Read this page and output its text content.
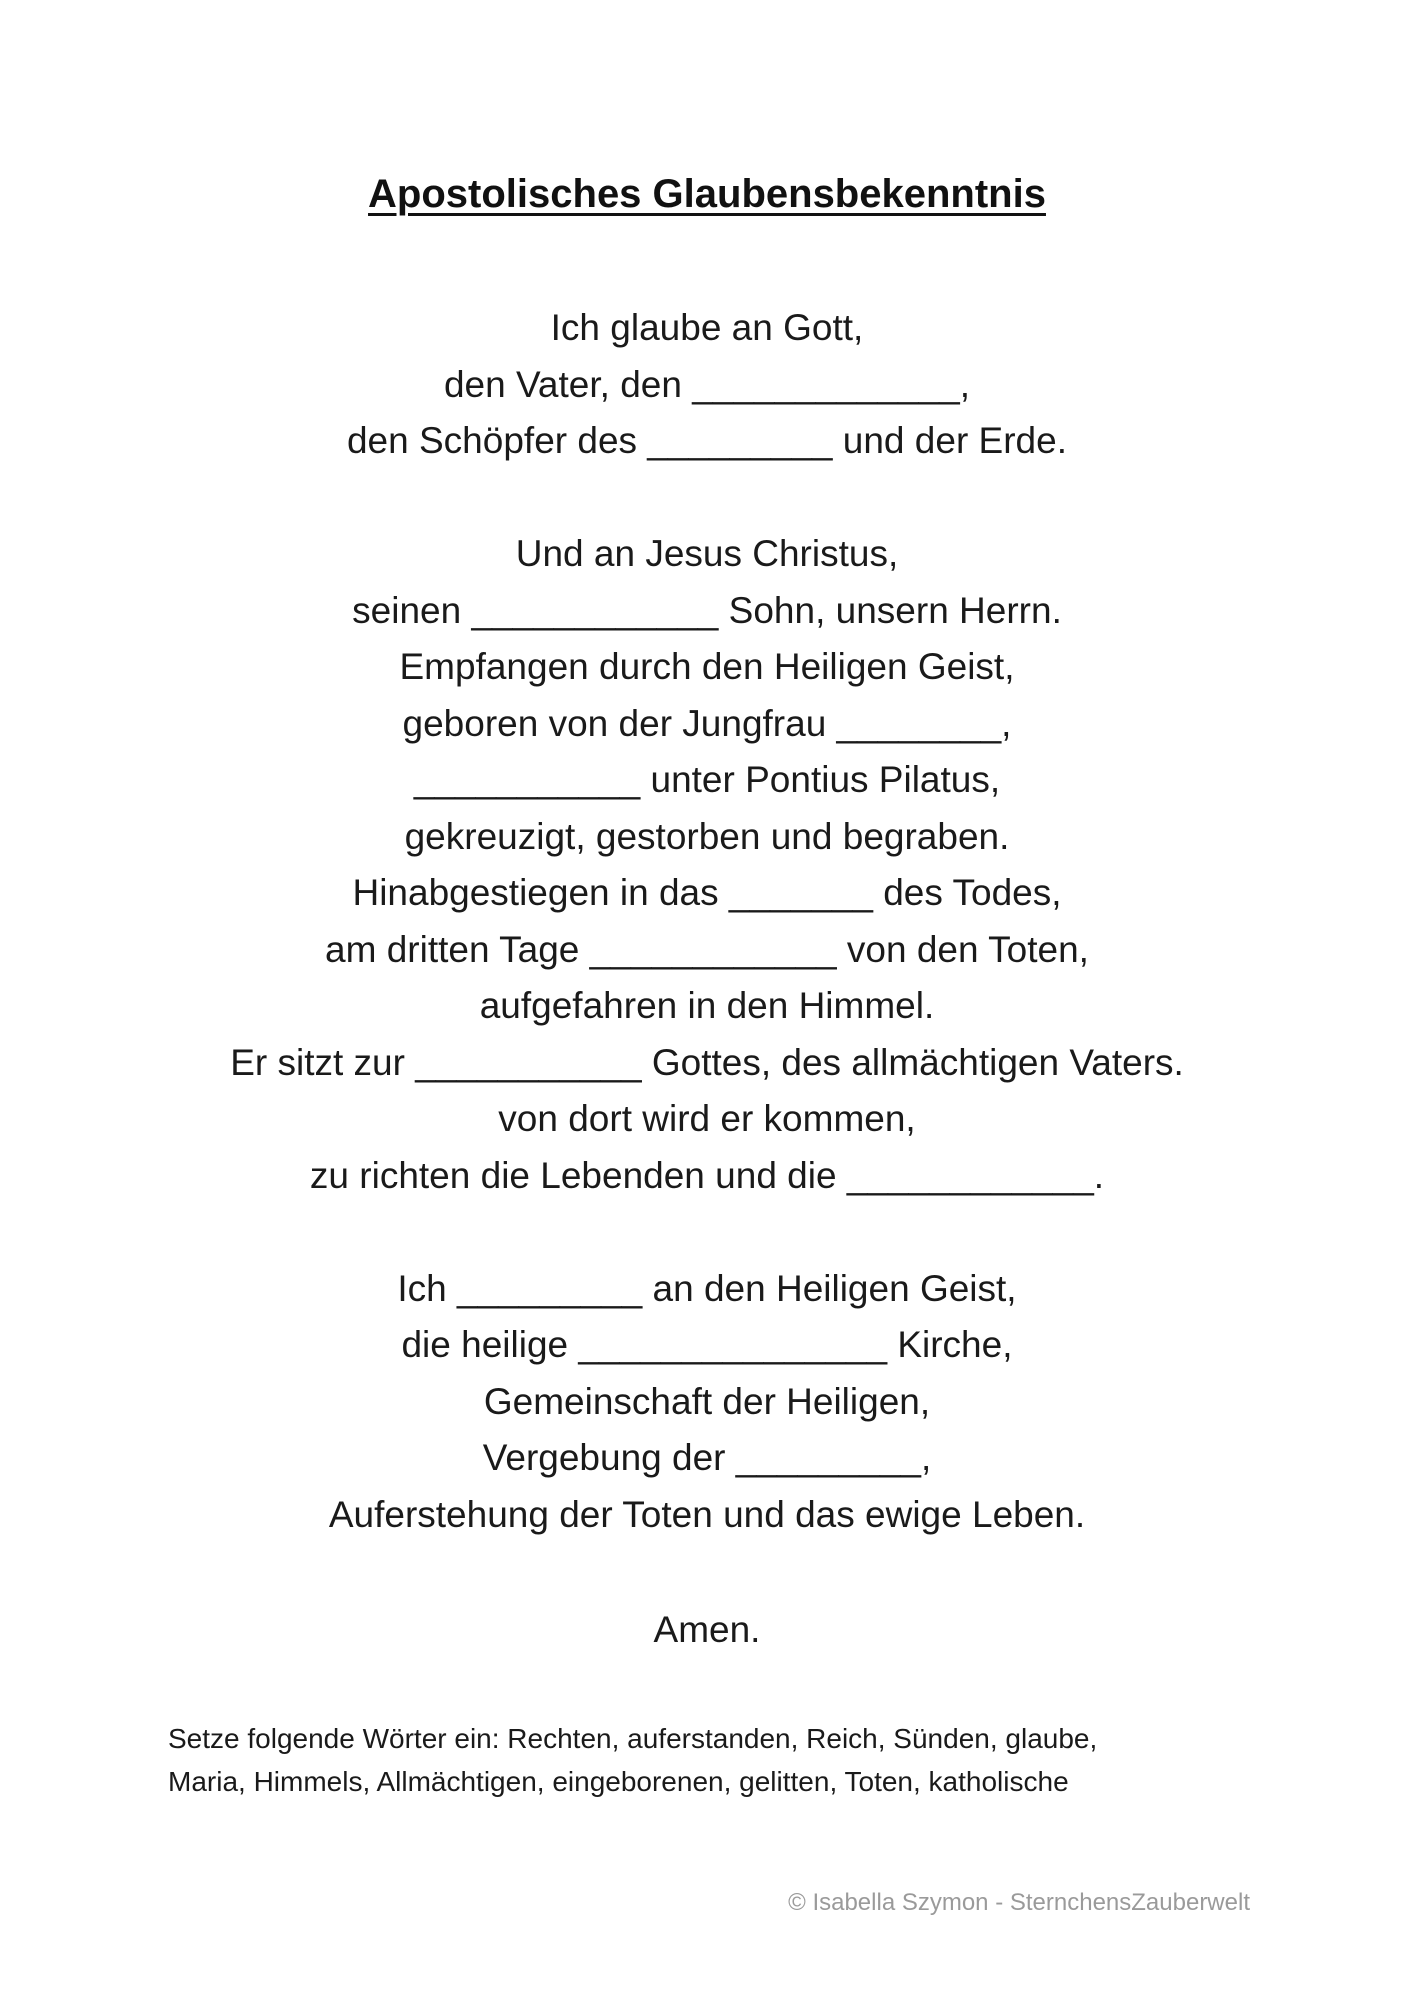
Apostolisches Glaubensbekenntnis
Ich glaube an Gott,
den Vater, den _____________,
den Schöpfer des _________ und der Erde.
Und an Jesus Christus,
seinen ____________ Sohn, unsern Herrn.
Empfangen durch den Heiligen Geist,
geboren von der Jungfrau ________,
___________ unter Pontius Pilatus,
gekreuzigt, gestorben und begraben.
Hinabgestiegen in das _______ des Todes,
am dritten Tage ____________ von den Toten,
aufgefahren in den Himmel.
Er sitzt zur ___________ Gottes, des allmächtigen Vaters.
von dort wird er kommen,
zu richten die Lebenden und die ____________.
Ich _________ an den Heiligen Geist,
die heilige _______________ Kirche,
Gemeinschaft der Heiligen,
Vergebung der _________,
Auferstehung der Toten und das ewige Leben.
Amen.
Setze folgende Wörter ein: Rechten, auferstanden, Reich, Sünden, glaube,
Maria, Himmels, Allmächtigen, eingeborenen, gelitten, Toten, katholische
© Isabella Szymon - SternchensZauberwelt
